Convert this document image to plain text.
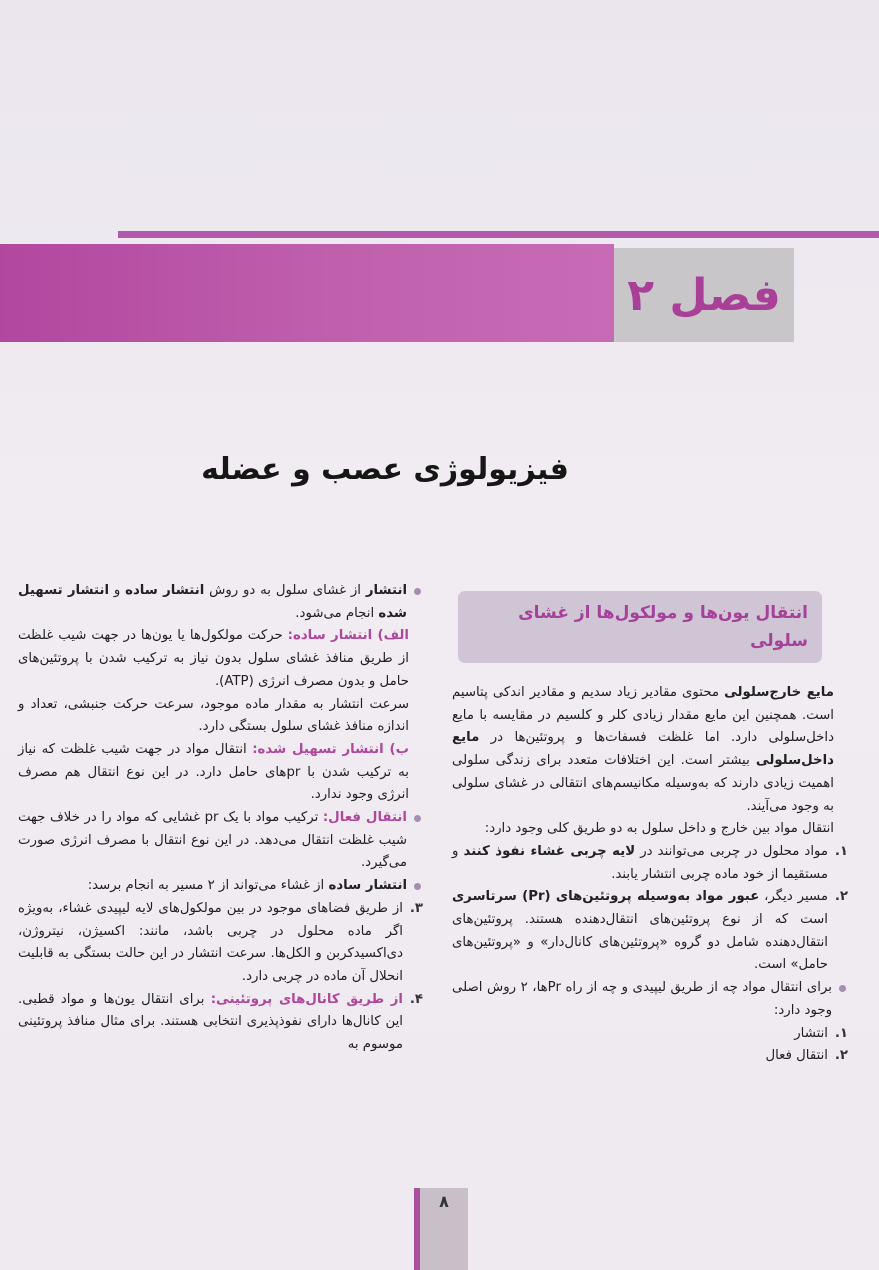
فصل ۲
فیزیولوژی عصب و عضله
انتقال یون‌ها و مولکول‌ها از غشای سلولی

انتشار از غشای سلول به دو روش انتشار ساده و انتشار تسهیل شده انجام می‌شود.

الف) انتشار ساده: حرکت مولکول‌ها یا یون‌ها در جهت شیب غلظت از طریق منافذ غشای سلول بدون نیاز به ترکیب شدن با پروتئین‌های حامل و بدون مصرف انرژی (ATP).

سرعت انتشار به مقدار ماده موجود، سرعت حرکت جنبشی، تعداد و اندازه منافذ غشای سلول بستگی دارد.

ب) انتشار تسهیل شده: انتقال مواد در جهت شیب غلظت که نیاز به ترکیب شدن با prهای حامل دارد. در این نوع انتقال هم مصرف انرژی وجود ندارد.

انتقال فعال: ترکیب مواد با یک pr غشایی که مواد را در خلاف جهت شیب غلظت انتقال می‌دهد. در این نوع انتقال با مصرف انرژی صورت می‌گیرد.

انتشار ساده از غشاء می‌تواند از ۲ مسیر به انجام برسد:

۳.
از طریق فضاهای موجود در بین مولکول‌های لایه لیپیدی غشاء، به‌ویژه اگر ماده محلول در چربی باشد، مانند: اکسیژن، نیتروژن، دی‌اکسیدکربن و الکل‌ها. سرعت انتشار در این حالت بستگی به قابلیت انحلال آن ماده در چربی دارد.

۴.
از طریق کانال‌های پروتئینی: برای انتقال یون‌ها و مواد قطبی. این کانال‌ها دارای نفوذپذیری انتخابی هستند. برای مثال منافذ پروتئینی موسوم به

مایع خارج‌سلولی محتوی مقادیر زیاد سدیم و مقادیر اندکی پتاسیم است. همچنین این مایع مقدار زیادی کلر و کلسیم در مقایسه با مایع داخل‌سلولی دارد. اما غلظت فسفات‌ها و پروتئین‌ها در مایع داخل‌سلولی بیشتر است. این اختلافات متعدد برای زندگی سلولی اهمیت زیادی دارند که به‌وسیله مکانیسم‌های انتقالی در غشای سلولی به وجود می‌آیند.

انتقال مواد بین خارج و داخل سلول به دو طریق کلی وجود دارد:

۱.
مواد محلول در چربی می‌توانند در لایه چربی غشاء نفوذ کنند و مستقیما از خود ماده چربی انتشار یابند.

۲.
مسیر دیگر، عبور مواد به‌وسیله پروتئین‌های (Pr) سرتاسری است که از نوع پروتئین‌های انتقال‌دهنده هستند. پروتئین‌های انتقال‌دهنده شامل دو گروه «پروتئین‌های کانال‌دار» و «پروتئین‌های حامل» است.

برای انتقال مواد چه از طریق لیپیدی و چه از راه Prها، ۲ روش اصلی وجود دارد:

۱.
انتشار

۲.
انتقال فعال

۸
